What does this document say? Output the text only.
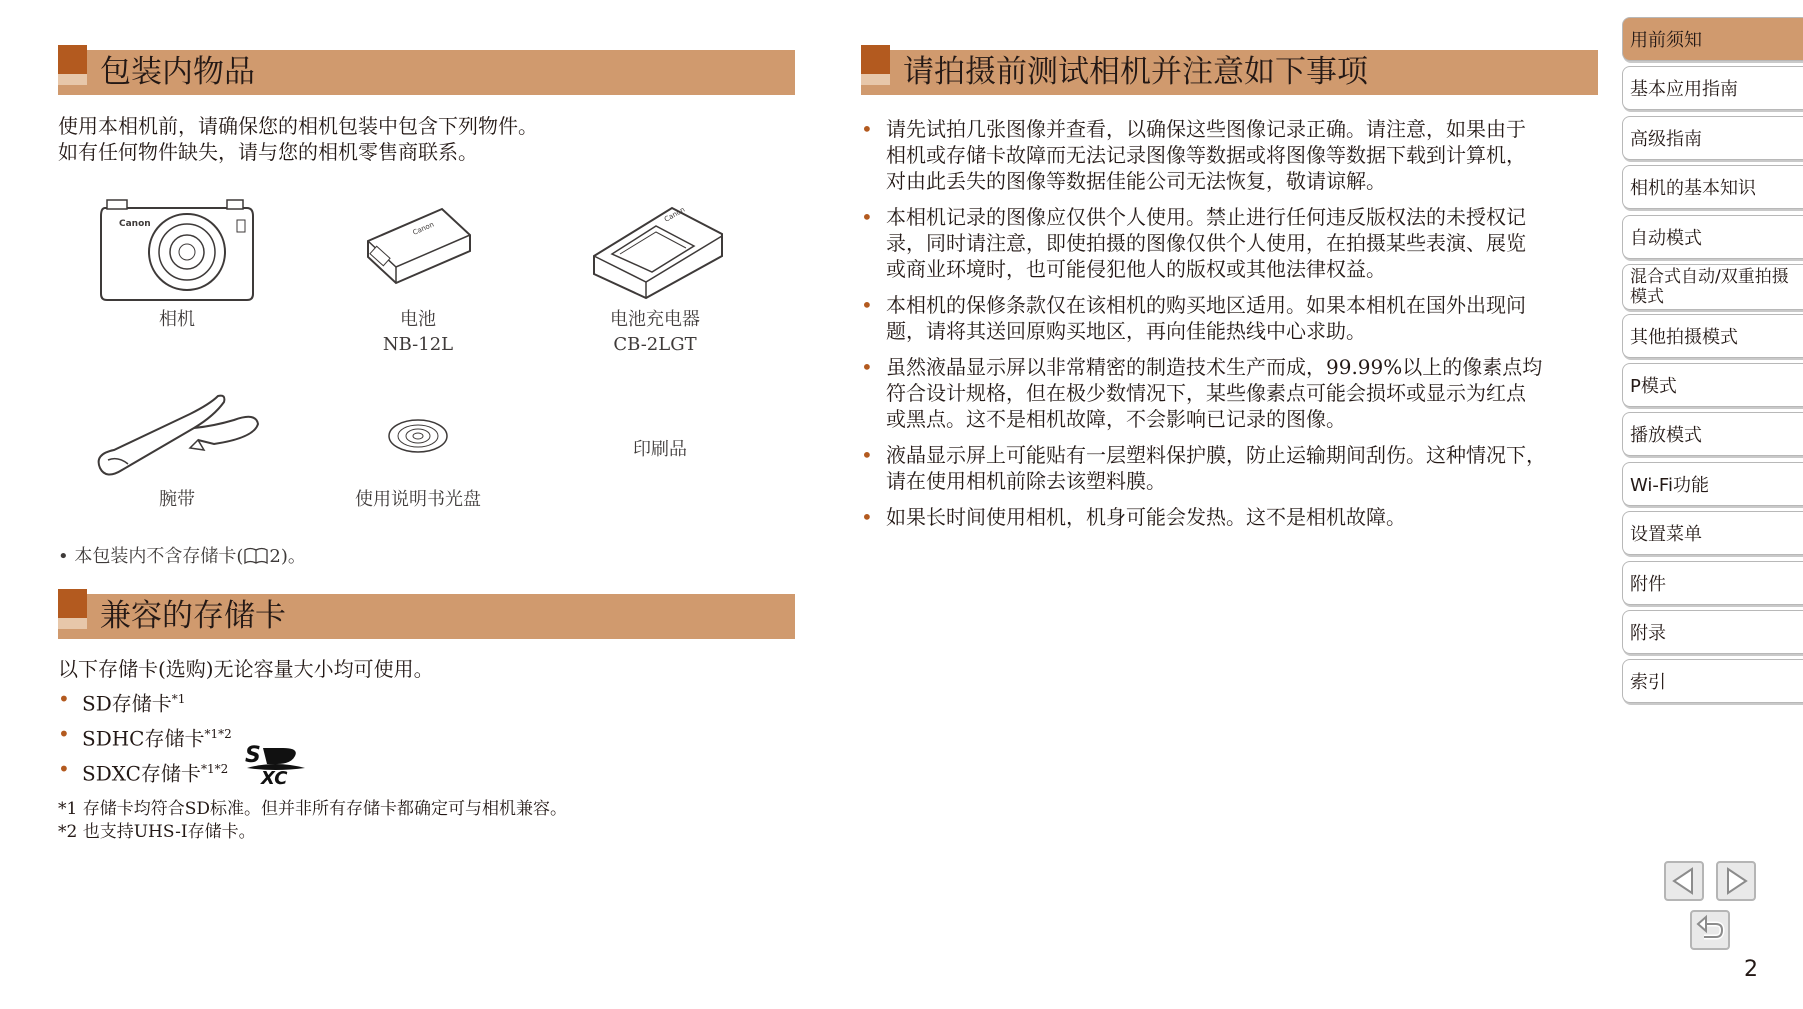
包装内物品
使用本相机前，请确保您的相机包装中包含下列物件。
如有任何物件缺失，请与您的相机零售商联系。
Canon
相机
Canon
电池
NB-12L
Canon
电池充电器
CB-2LGT
腕带	使用说明书光盘
印刷品
• 本包装内不含存储卡( 2)。
兼容的存储卡
以下存储卡(选购)无论容量大小均可使用。
• SD存储卡$^{*1}$
• SDHC存储卡$^{*1*2}$
• SDXC存储卡$^{*1*2}$
S
XC
*1 存储卡均符合SD标准。但并非所有存储卡都确定可与相机兼容。
*2 也支持UHS-I存储卡。
请拍摄前测试相机并注意如下事项
• 请先试拍几张图像并查看，以确保这些图像记录正确。请注意，如果由于
相机或存储卡故障而无法记录图像等数据或将图像等数据下载到计算机，
对由此丢失的图像等数据佳能公司无法恢复，敬请谅解。
• 本相机记录的图像应仅供个人使用。禁止进行任何违反版权法的未授权记
录，同时请注意，即使拍摄的图像仅供个人使用，在拍摄某些表演、展览
或商业环境时，也可能侵犯他人的版权或其他法律权益。
• 本相机的保修条款仅在该相机的购买地区适用。如果本相机在国外出现问
题，请将其送回原购买地区，再向佳能热线中心求助。
• 虽然液晶显示屏以非常精密的制造技术生产而成，99.99%以上的像素点均
符合设计规格，但在极少数情况下，某些像素点可能会损坏或显示为红点
或黑点。这不是相机故障，不会影响已记录的图像。
• 液晶显示屏上可能贴有一层塑料保护膜，防止运输期间刮伤。这种情况下，
请在使用相机前除去该塑料膜。
• 如果长时间使用相机，机身可能会发热。这不是相机故障。
用前须知
基本应用指南
高级指南
相机的基本知识
自动模式
混合式自动/双重拍摄模式
其他拍摄模式
P模式
播放模式
Wi-Fi功能
设置菜单
附件
附录
索引
2
